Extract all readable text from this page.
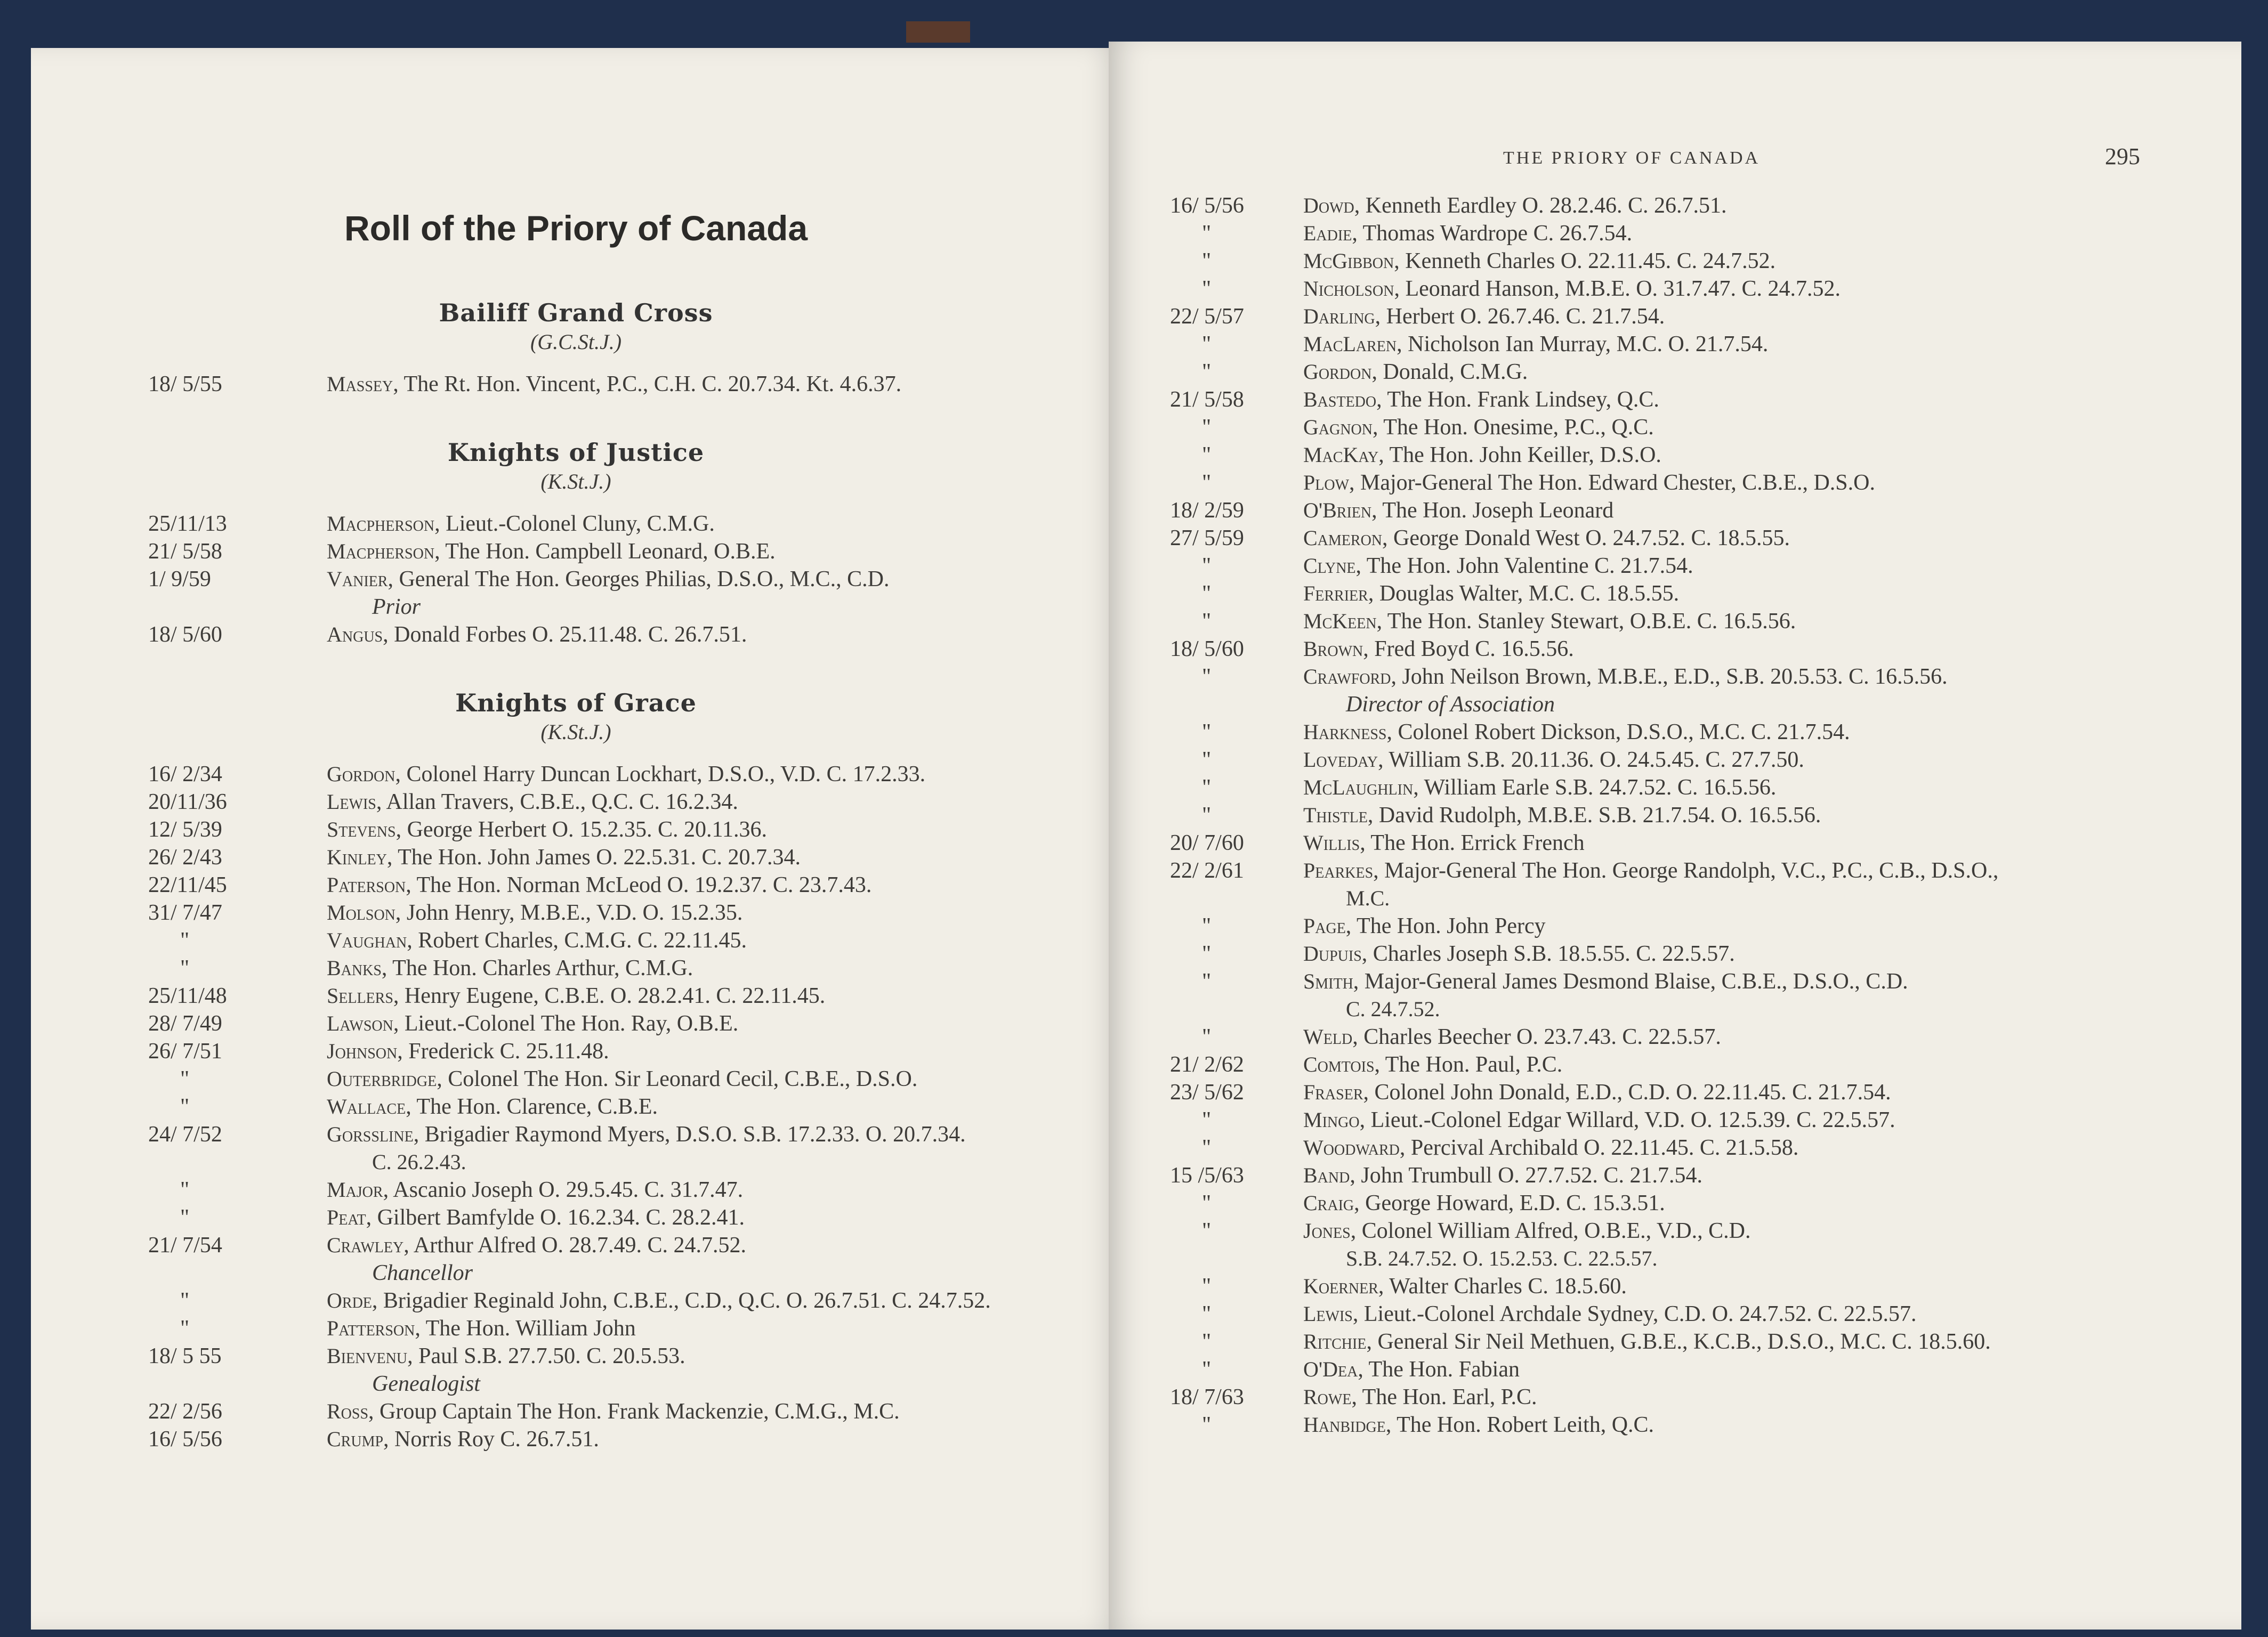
Roll of the Priory of Canada
Bailiff Grand Cross
(G.C.St.J.)
18/ 5/55	Massey, The Rt. Hon. Vincent, P.C., C.H. C. 20.7.34. Kt. 4.6.37.
Knights of Justice
(K.St.J.)
25/11/13	Macpherson, Lieut.-Colonel Cluny, C.M.G.
21/ 5/58	Macpherson, The Hon. Campbell Leonard, O.B.E.
1/ 9/59	Vanier, General The Hon. Georges Philias, D.S.O., M.C., C.D.
Prior
18/ 5/60	Angus, Donald Forbes O. 25.11.48. C. 26.7.51.
Knights of Grace
(K.St.J.)
16/ 2/34	Gordon, Colonel Harry Duncan Lockhart, D.S.O., V.D. C. 17.2.33.
20/11/36	Lewis, Allan Travers, C.B.E., Q.C. C. 16.2.34.
12/ 5/39	Stevens, George Herbert O. 15.2.35. C. 20.11.36.
26/ 2/43	Kinley, The Hon. John James O. 22.5.31. C. 20.7.34.
22/11/45	Paterson, The Hon. Norman McLeod O. 19.2.37. C. 23.7.43.
31/ 7/47	Molson, John Henry, M.B.E., V.D. O. 15.2.35.
"	Vaughan, Robert Charles, C.M.G. C. 22.11.45.
"	Banks, The Hon. Charles Arthur, C.M.G.
25/11/48	Sellers, Henry Eugene, C.B.E. O. 28.2.41. C. 22.11.45.
28/ 7/49	Lawson, Lieut.-Colonel The Hon. Ray, O.B.E.
26/ 7/51	Johnson, Frederick C. 25.11.48.
"	Outerbridge, Colonel The Hon. Sir Leonard Cecil, C.B.E., D.S.O.
"	Wallace, The Hon. Clarence, C.B.E.
24/ 7/52	Gorssline, Brigadier Raymond Myers, D.S.O. S.B. 17.2.33. O. 20.7.34.
C. 26.2.43.
"	Major, Ascanio Joseph O. 29.5.45. C. 31.7.47.
"	Peat, Gilbert Bamfylde O. 16.2.34. C. 28.2.41.
21/ 7/54	Crawley, Arthur Alfred O. 28.7.49. C. 24.7.52.
Chancellor
"	Orde, Brigadier Reginald John, C.B.E., C.D., Q.C. O. 26.7.51. C. 24.7.52.
"	Patterson, The Hon. William John
18/ 5 55	Bienvenu, Paul S.B. 27.7.50. C. 20.5.53.
Genealogist
22/ 2/56	Ross, Group Captain The Hon. Frank Mackenzie, C.M.G., M.C.
16/ 5/56	Crump, Norris Roy C. 26.7.51.
THE PRIORY OF CANADA	295
16/ 5/56	Dowd, Kenneth Eardley O. 28.2.46. C. 26.7.51.
"	Eadie, Thomas Wardrope C. 26.7.54.
"	McGibbon, Kenneth Charles O. 22.11.45. C. 24.7.52.
"	Nicholson, Leonard Hanson, M.B.E. O. 31.7.47. C. 24.7.52.
22/ 5/57	Darling, Herbert O. 26.7.46. C. 21.7.54.
"	MacLaren, Nicholson Ian Murray, M.C. O. 21.7.54.
"	Gordon, Donald, C.M.G.
21/ 5/58	Bastedo, The Hon. Frank Lindsey, Q.C.
"	Gagnon, The Hon. Onesime, P.C., Q.C.
"	MacKay, The Hon. John Keiller, D.S.O.
"	Plow, Major-General The Hon. Edward Chester, C.B.E., D.S.O.
18/ 2/59	O'Brien, The Hon. Joseph Leonard
27/ 5/59	Cameron, George Donald West O. 24.7.52. C. 18.5.55.
"	Clyne, The Hon. John Valentine C. 21.7.54.
"	Ferrier, Douglas Walter, M.C. C. 18.5.55.
"	McKeen, The Hon. Stanley Stewart, O.B.E. C. 16.5.56.
18/ 5/60	Brown, Fred Boyd C. 16.5.56.
"	Crawford, John Neilson Brown, M.B.E., E.D., S.B. 20.5.53. C. 16.5.56.
Director of Association
"	Harkness, Colonel Robert Dickson, D.S.O., M.C. C. 21.7.54.
"	Loveday, William S.B. 20.11.36. O. 24.5.45. C. 27.7.50.
"	McLaughlin, William Earle S.B. 24.7.52. C. 16.5.56.
"	Thistle, David Rudolph, M.B.E. S.B. 21.7.54. O. 16.5.56.
20/ 7/60	Willis, The Hon. Errick French
22/ 2/61	Pearkes, Major-General The Hon. George Randolph, V.C., P.C., C.B., D.S.O.,
M.C.
"	Page, The Hon. John Percy
"	Dupuis, Charles Joseph S.B. 18.5.55. C. 22.5.57.
"	Smith, Major-General James Desmond Blaise, C.B.E., D.S.O., C.D.
C. 24.7.52.
"	Weld, Charles Beecher O. 23.7.43. C. 22.5.57.
21/ 2/62	Comtois, The Hon. Paul, P.C.
23/ 5/62	Fraser, Colonel John Donald, E.D., C.D. O. 22.11.45. C. 21.7.54.
"	Mingo, Lieut.-Colonel Edgar Willard, V.D. O. 12.5.39. C. 22.5.57.
"	Woodward, Percival Archibald O. 22.11.45. C. 21.5.58.
15 /5/63	Band, John Trumbull O. 27.7.52. C. 21.7.54.
"	Craig, George Howard, E.D. C. 15.3.51.
"	Jones, Colonel William Alfred, O.B.E., V.D., C.D.
S.B. 24.7.52. O. 15.2.53. C. 22.5.57.
"	Koerner, Walter Charles C. 18.5.60.
"	Lewis, Lieut.-Colonel Archdale Sydney, C.D. O. 24.7.52. C. 22.5.57.
"	Ritchie, General Sir Neil Methuen, G.B.E., K.C.B., D.S.O., M.C. C. 18.5.60.
"	O'Dea, The Hon. Fabian
18/ 7/63	Rowe, The Hon. Earl, P.C.
"	Hanbidge, The Hon. Robert Leith, Q.C.
